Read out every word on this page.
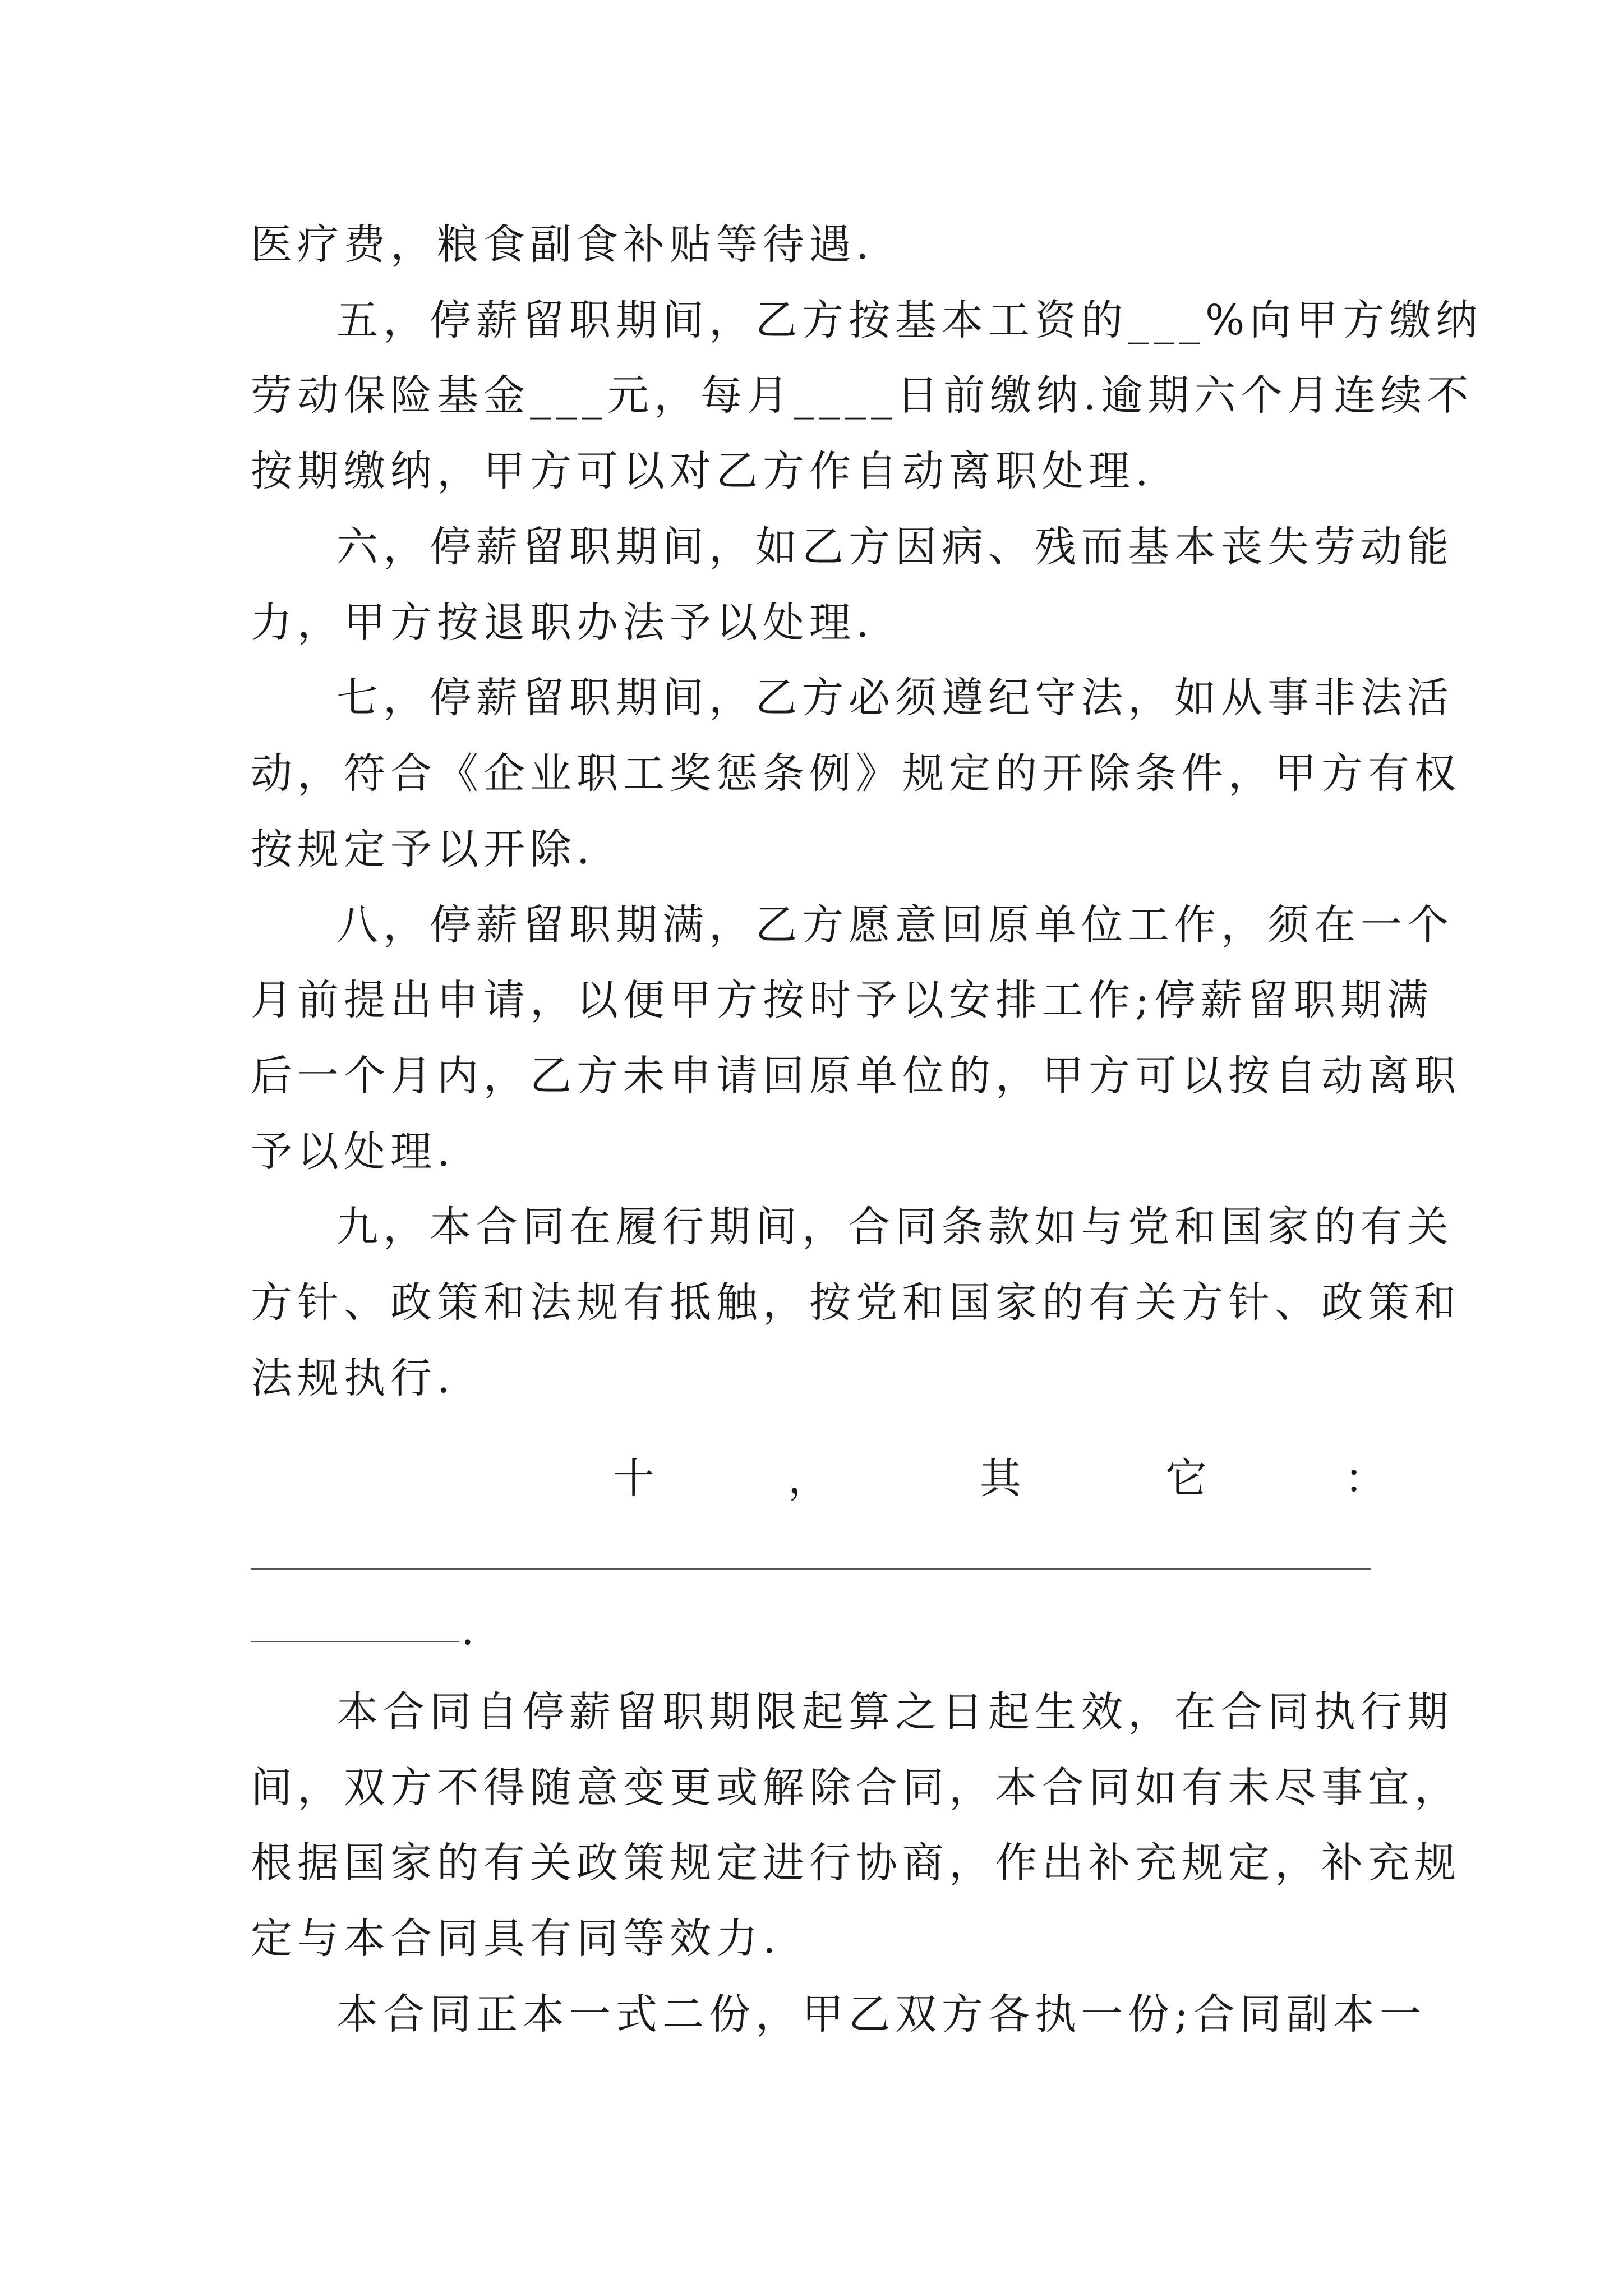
医疗费，粮食副食补贴等待遇.
五，停薪留职期间，乙方按基本工资的___%向甲方缴纳
劳动保险基金___元，每月____日前缴纳.逾期六个月连续不
按期缴纳，甲方可以对乙方作自动离职处理.
六，停薪留职期间，如乙方因病、残而基本丧失劳动能
力，甲方按退职办法予以处理.
七，停薪留职期间，乙方必须遵纪守法，如从事非法活
动，符合《企业职工奖惩条例》规定的开除条件，甲方有权
按规定予以开除.
八，停薪留职期满，乙方愿意回原单位工作，须在一个
月前提出申请，以便甲方按时予以安排工作;停薪留职期满
后一个月内，乙方未申请回原单位的，甲方可以按自动离职
予以处理.
九，本合同在履行期间，合同条款如与党和国家的有关
方针、政策和法规有抵触，按党和国家的有关方针、政策和
法规执行.
十	，	其	它	：
.
本合同自停薪留职期限起算之日起生效，在合同执行期
间，双方不得随意变更或解除合同，本合同如有未尽事宜，
根据国家的有关政策规定进行协商，作出补充规定，补充规
定与本合同具有同等效力.
本合同正本一式二份，甲乙双方各执一份;合同副本一
